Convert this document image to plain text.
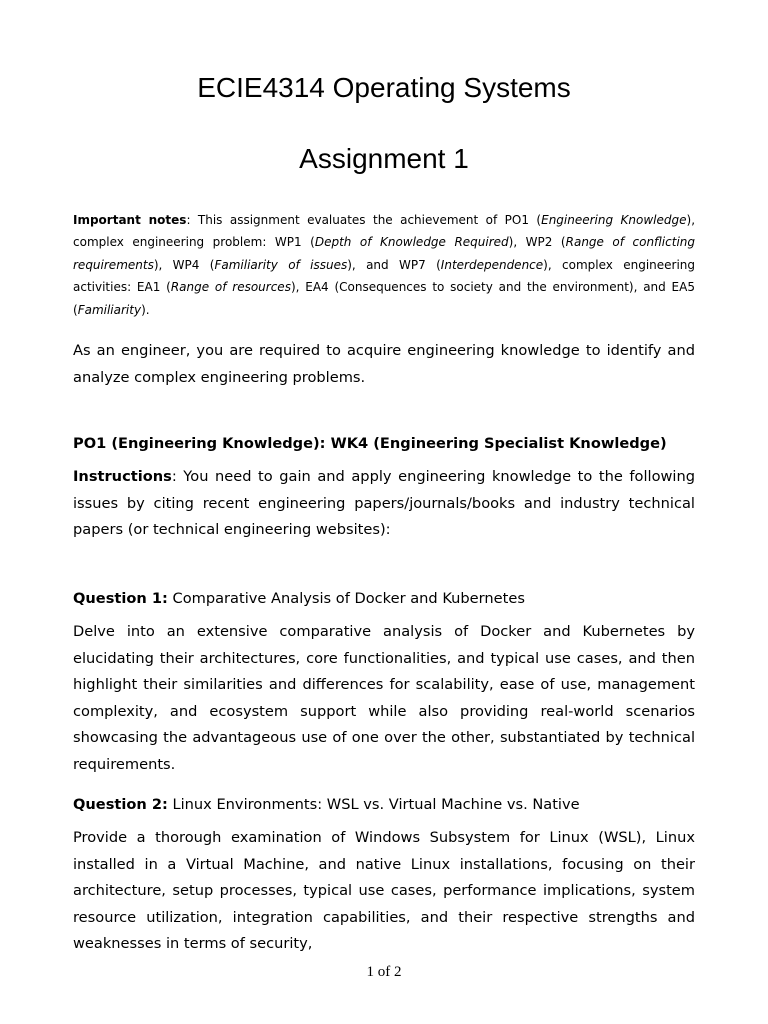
ECIE4314 Operating Systems
Assignment 1
Important notes: This assignment evaluates the achievement of PO1 (Engineering Knowledge), complex engineering problem: WP1 (Depth of Knowledge Required), WP2 (Range of conflicting requirements), WP4 (Familiarity of issues), and WP7 (Interdependence), complex engineering activities: EA1 (Range of resources), EA4 (Consequences to society and the environment), and EA5 (Familiarity).
As an engineer, you are required to acquire engineering knowledge to identify and analyze complex engineering problems.
PO1 (Engineering Knowledge): WK4 (Engineering Specialist Knowledge)
Instructions: You need to gain and apply engineering knowledge to the following issues by citing recent engineering papers/journals/books and industry technical papers (or technical engineering websites):
Question 1: Comparative Analysis of Docker and Kubernetes
Delve into an extensive comparative analysis of Docker and Kubernetes by elucidating their architectures, core functionalities, and typical use cases, and then highlight their similarities and differences for scalability, ease of use, management complexity, and ecosystem support while also providing real-world scenarios showcasing the advantageous use of one over the other, substantiated by technical requirements.
Question 2: Linux Environments: WSL vs. Virtual Machine vs. Native
Provide a thorough examination of Windows Subsystem for Linux (WSL), Linux installed in a Virtual Machine, and native Linux installations, focusing on their architecture, setup processes, typical use cases, performance implications, system resource utilization, integration capabilities, and their respective strengths and weaknesses in terms of security,
1 of 2
